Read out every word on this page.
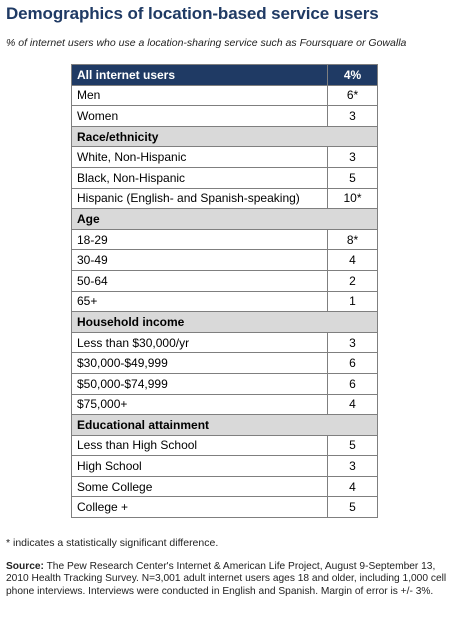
Demographics of location-based service users
% of internet users who use a location-sharing service such as Foursquare or Gowalla
All internet users	4%
Men	6*
Women	3
Race/ethnicity	
White, Non-Hispanic	3
Black, Non-Hispanic	5
Hispanic (English- and Spanish-speaking)	10*
Age	
18-29	8*
30-49	4
50-64	2
65+	1
Household income	
Less than $30,000/yr	3
$30,000-$49,999	6
$50,000-$74,999	6
$75,000+	4
Educational attainment	
Less than High School	5
High School	3
Some College	4
College +	5
* indicates a statistically significant difference.
Source: The Pew Research Center's Internet & American Life Project, August 9-September 13, 2010 Health Tracking Survey. N=3,001 adult internet users ages 18 and older, including 1,000 cell phone interviews. Interviews were conducted in English and Spanish. Margin of error is +/- 3%.
